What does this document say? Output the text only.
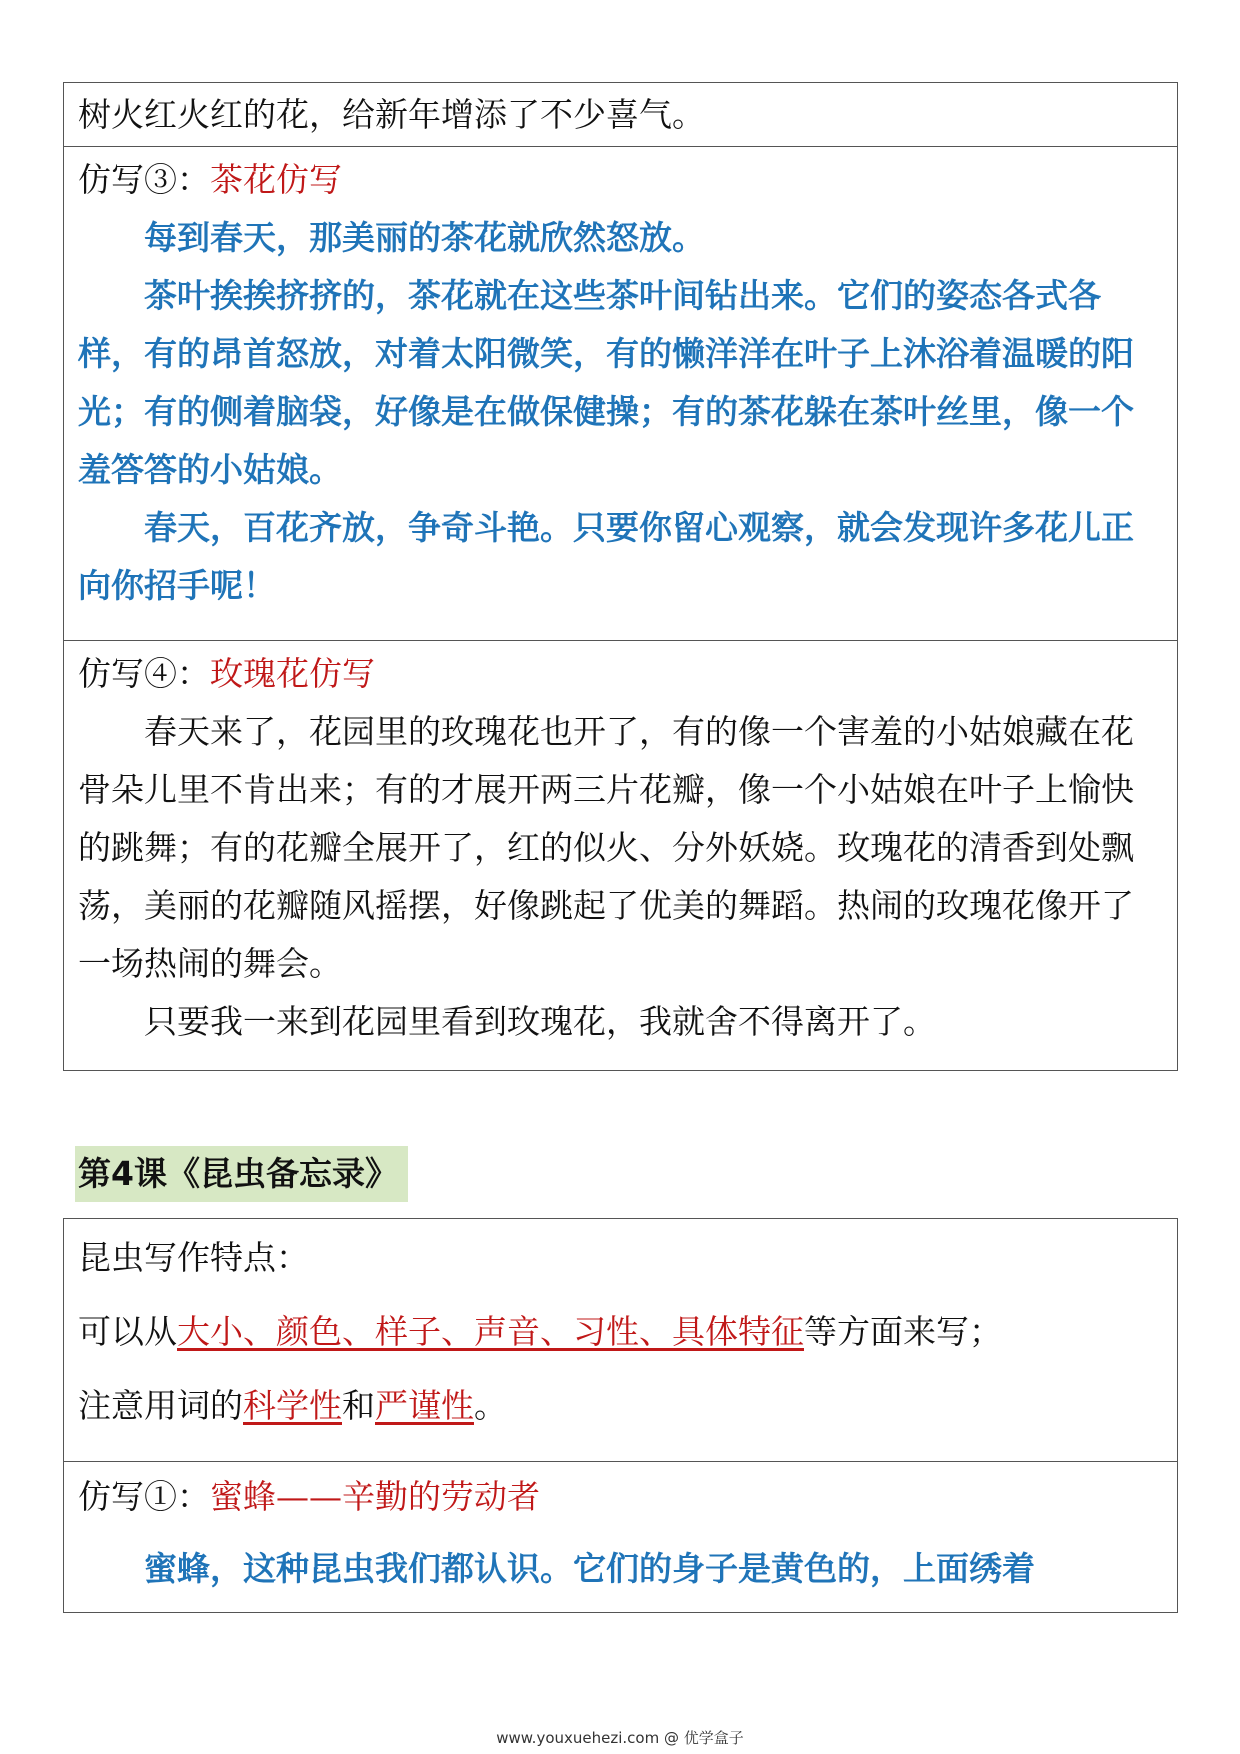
树火红火红的花，给新年增添了不少喜气。
仿写③：茶花仿写

每到春天，那美丽的茶花就欣然怒放。

茶叶挨挨挤挤的，茶花就在这些茶叶间钻出来。它们的姿态各式各样，有的昂首怒放，对着太阳微笑，有的懒洋洋在叶子上沐浴着温暖的阳光；有的侧着脑袋，好像是在做保健操；有的茶花躲在茶叶丝里，像一个羞答答的小姑娘。

春天，百花齐放，争奇斗艳。只要你留心观察，就会发现许多花儿正向你招手呢！

仿写④：玫瑰花仿写

春天来了，花园里的玫瑰花也开了，有的像一个害羞的小姑娘藏在花骨朵儿里不肯出来；有的才展开两三片花瓣，像一个小姑娘在叶子上愉快的跳舞；有的花瓣全展开了，红的似火、分外妖娆。玫瑰花的清香到处飘荡，美丽的花瓣随风摇摆，好像跳起了优美的舞蹈。热闹的玫瑰花像开了一场热闹的舞会。

只要我一来到花园里看到玫瑰花，我就舍不得离开了。

第4课《昆虫备忘录》
昆虫写作特点：
可以从大小、颜色、样子、声音、习性、具体特征等方面来写；
注意用词的科学性和严谨性。
仿写①：蜜蜂——辛勤的劳动者

蜜蜂，这种昆虫我们都认识。它们的身子是黄色的，上面绣着

www.youxuehezi.com @ 优学盒子
